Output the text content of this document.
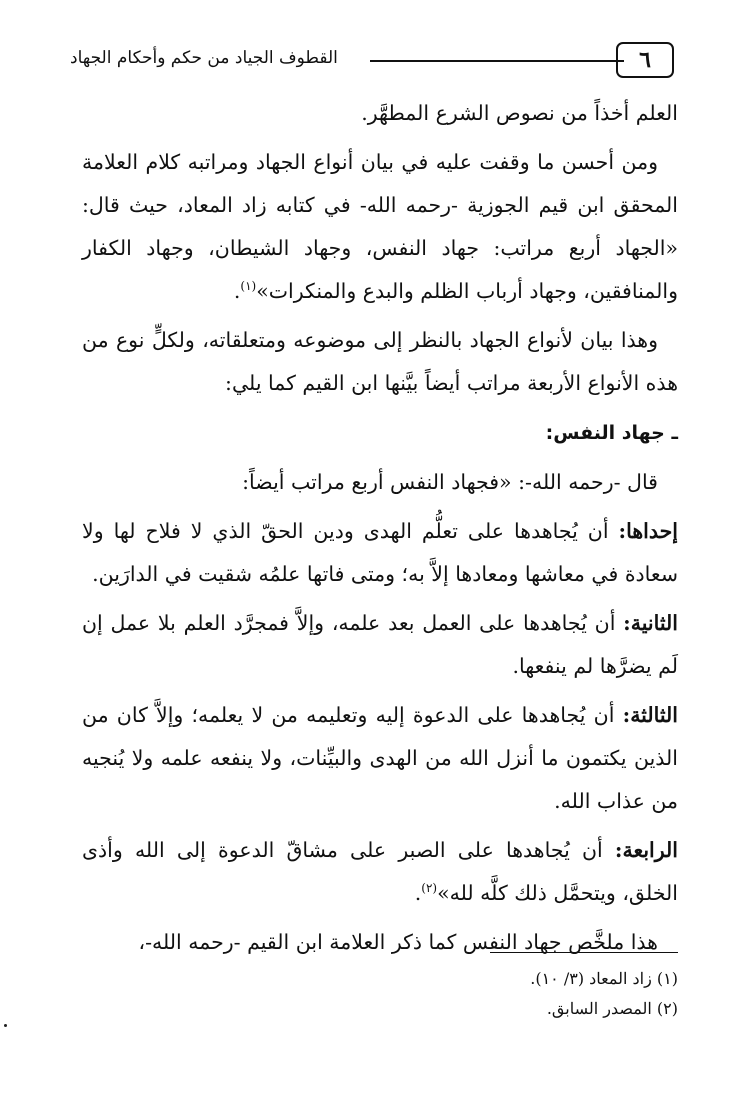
٦
القطوف الجياد من حكم وأحكام الجهاد

العلم أخذاً من نصوص الشرع المطهَّر.

ومن أحسن ما وقفت عليه في بيان أنواع الجهاد ومراتبه كلام العلامة المحقق ابن قيم الجوزية -رحمه الله- في كتابه زاد المعاد، حيث قال: «الجهاد أربع مراتب: جهاد النفس، وجهاد الشيطان، وجهاد الكفار والمنافقين، وجهاد أرباب الظلم والبدع والمنكرات»$^{(١)}$.

وهذا بيان لأنواع الجهاد بالنظر إلى موضوعه ومتعلقاته، ولكلٍّ نوع من هذه الأنواع الأربعة مراتب أيضاً بيَّنها ابن القيم كما يلي:

ـ جهاد النفس:

قال -رحمه الله-: «فجهاد النفس أربع مراتب أيضاً:

إحداها: أن يُجاهدها على تعلُّم الهدى ودين الحقّ الذي لا فلاح لها ولا سعادة في معاشها ومعادها إلاَّ به؛ ومتى فاتها علمُه شقيت في الدارَين.

الثانية: أن يُجاهدها على العمل بعد علمه، وإلاَّ فمجرَّد العلم بلا عمل إن لَم يضرَّها لم ينفعها.

الثالثة: أن يُجاهدها على الدعوة إليه وتعليمه من لا يعلمه؛ وإلاَّ كان من الذين يكتمون ما أنزل الله من الهدى والبيِّنات، ولا ينفعه علمه ولا يُنجيه من عذاب الله.

الرابعة: أن يُجاهدها على الصبر على مشاقّ الدعوة إلى الله وأذى الخلق، ويتحمَّل ذلك كلَّه لله»$^{(٢)}$.

هذا ملخَّص جهاد النفس كما ذكر العلامة ابن القيم -رحمه الله-،

(١) زاد المعاد (٣/ ١٠).
(٢) المصدر السابق.
